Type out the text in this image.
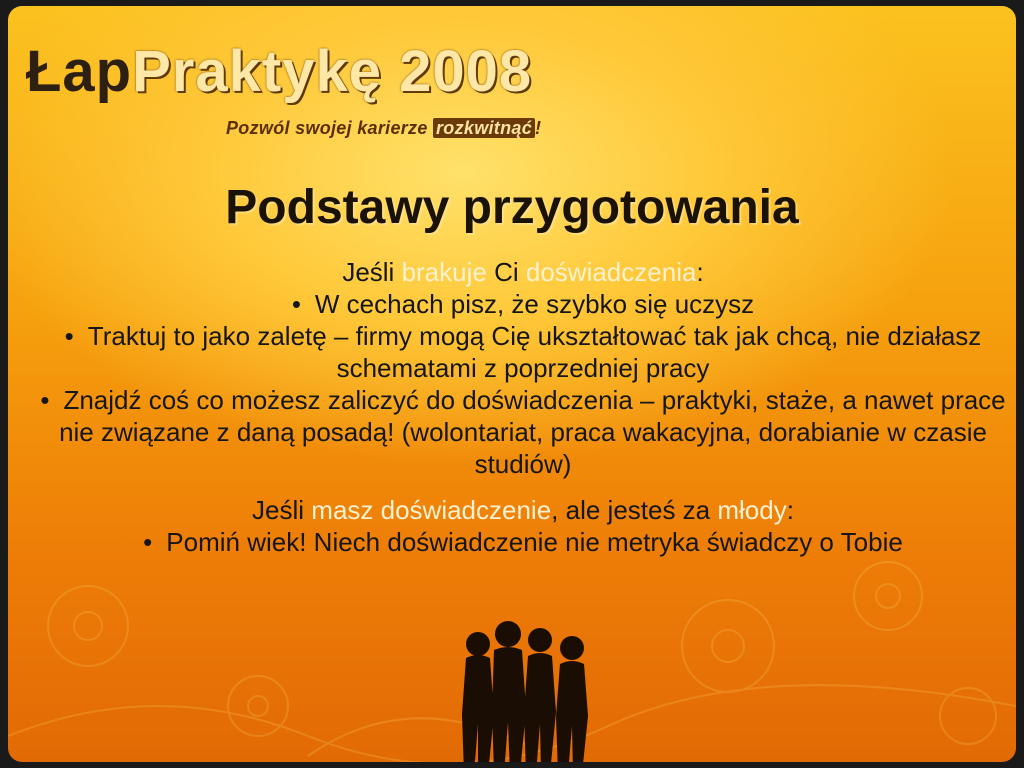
ŁapPraktykę 2008
Pozwól swojej karierze rozkwitnąć !
Podstawy przygotowania

Jeśli brakuje Ci doświadczenia:

• W cechach pisz, że szybko się uczysz
• Traktuj to jako zaletę – firmy mogą Cię ukształtować tak jak chcą, nie działasz schematami z poprzedniej pracy
• Znajdź coś co możesz zaliczyć do doświadczenia – praktyki, staże, a nawet prace nie związane z daną posadą! (wolontariat, praca wakacyjna, dorabianie w czasie studiów)

Jeśli masz doświadczenie, ale jesteś za młody:

• Pomiń wiek! Niech doświadczenie nie metryka świadczy o Tobie
